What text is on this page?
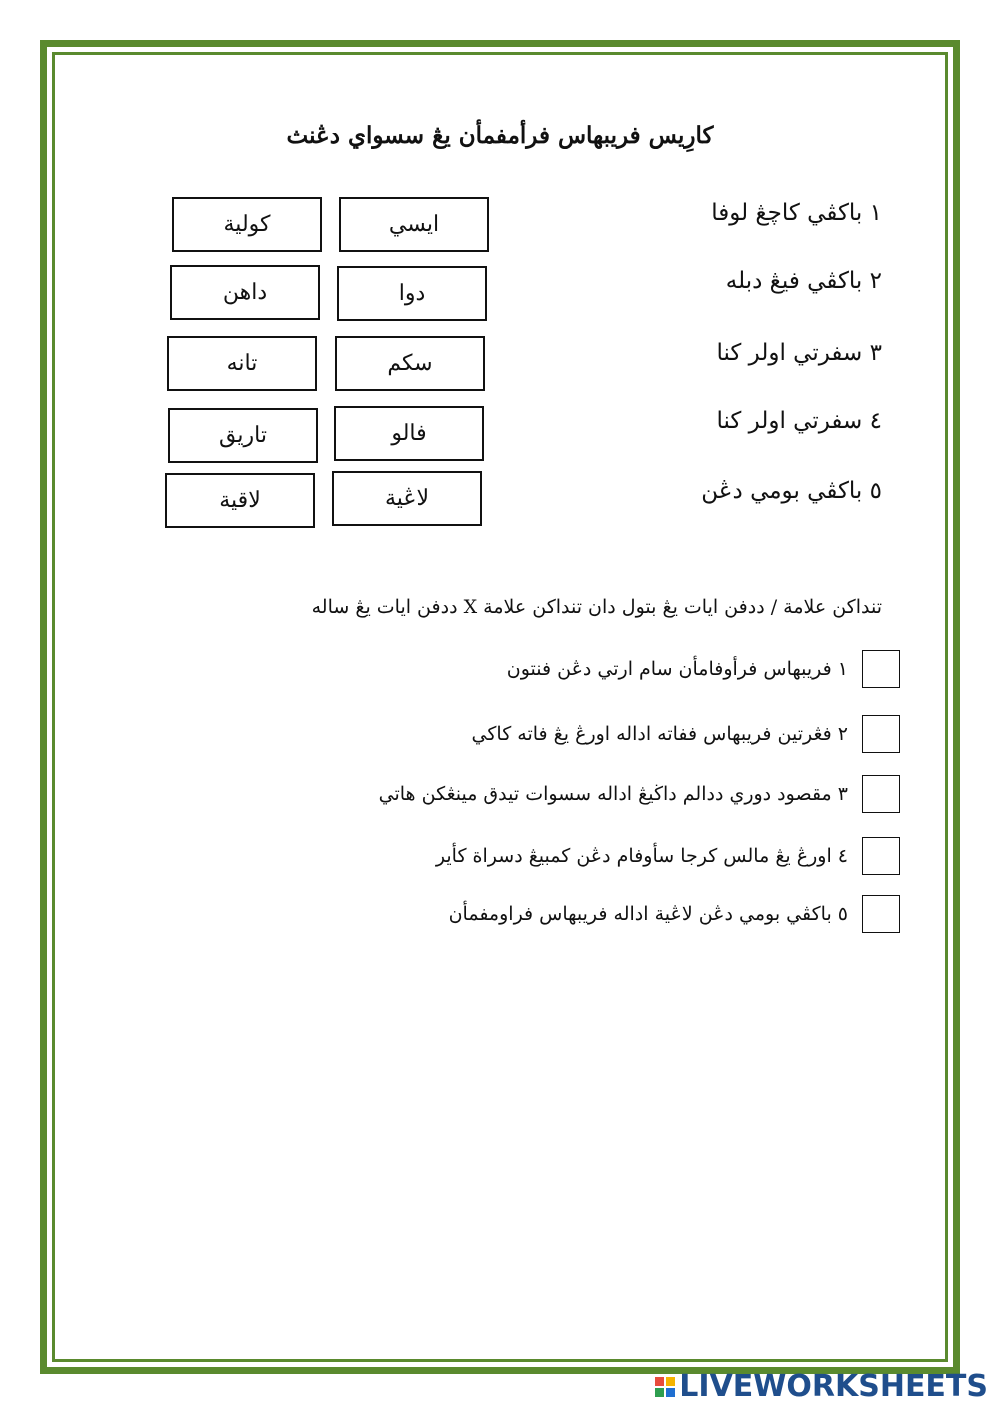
كارِيس فريبهاس فرأمفمأن يڠ سسواي دڠنث
١ باكڤي كاچڠ لوفا
٢ باكڤي فيڠ دبله
٣ سفرتي اولر كنا
٤ سفرتي اولر كنا
٥ باكڤي بومي دڠن
ايسي
كولية
دوا
داهن
سكم
تانه
فالو
تاريق
لاڠية
لاقية
تنداكن علامة / ددفن ايات يڠ بتول دان تنداكن علامة X ددفن ايات يڠ ساله
١ فريبهاس فرأوفامأن سام ارتي دڠن فنتون
٢ فڠرتين فريبهاس ففاته اداله اورڠ يڠ فاته كاكي
٣ مقصود دوري ددالم داڬيڠ اداله سسوات تيدق مينڠكن هاتي
٤ اورڠ يڠ مالس كرجا سأوفام دڠن كمبيڠ دسراة كأير
٥ باكڤي بومي دڠن لاڠية اداله فريبهاس فراومفمأن
LIVEWORKSHEETS
